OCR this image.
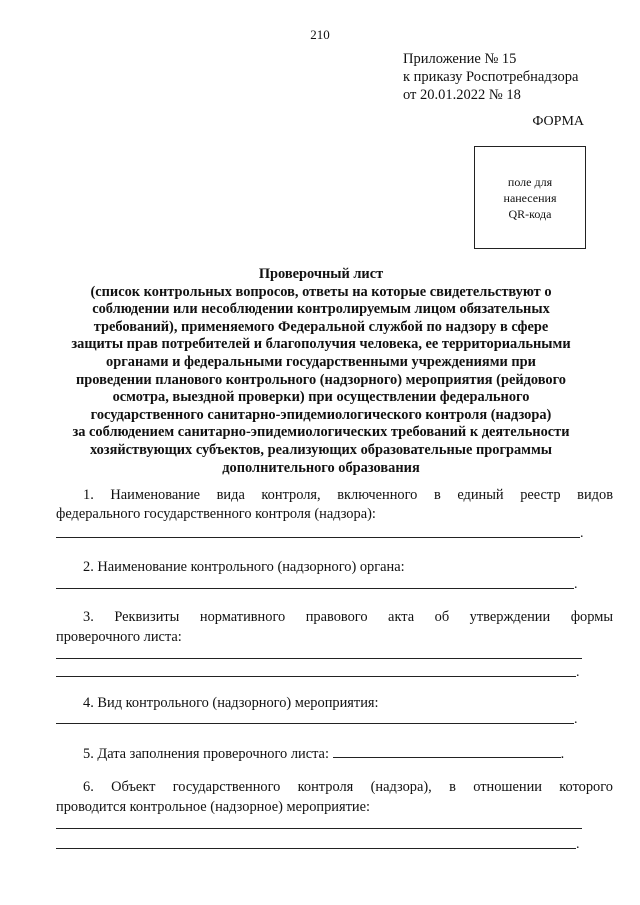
210
Приложение № 15
к приказу Роспотребнадзора
от 20.01.2022 № 18
ФОРМА
поле для
нанесения
QR-кода
Проверочный лист
(список контрольных вопросов, ответы на которые свидетельствуют о
соблюдении или несоблюдении контролируемым лицом обязательных
требований), применяемого Федеральной службой по надзору в сфере
защиты прав потребителей и благополучия человека, ее территориальными
органами и федеральными государственными учреждениями при
проведении планового контрольного (надзорного) мероприятия (рейдового
осмотра, выездной проверки) при осуществлении федерального
государственного санитарно-эпидемиологического контроля (надзора)
за соблюдением санитарно-эпидемиологических требований к деятельности
хозяйствующих субъектов, реализующих образовательные программы
дополнительного образования
1. Наименование вида контроля, включенного в единый реестр видов
федерального государственного контроля (надзора):
.
2. Наименование контрольного (надзорного) органа:
.
3. Реквизиты нормативного правового акта об утверждении формы
проверочного листа:
.
4. Вид контрольного (надзорного) мероприятия:
.
5. Дата заполнения проверочного листа:	.
6. Объект государственного контроля (надзора), в отношении которого
проводится контрольное (надзорное) мероприятие:
.
